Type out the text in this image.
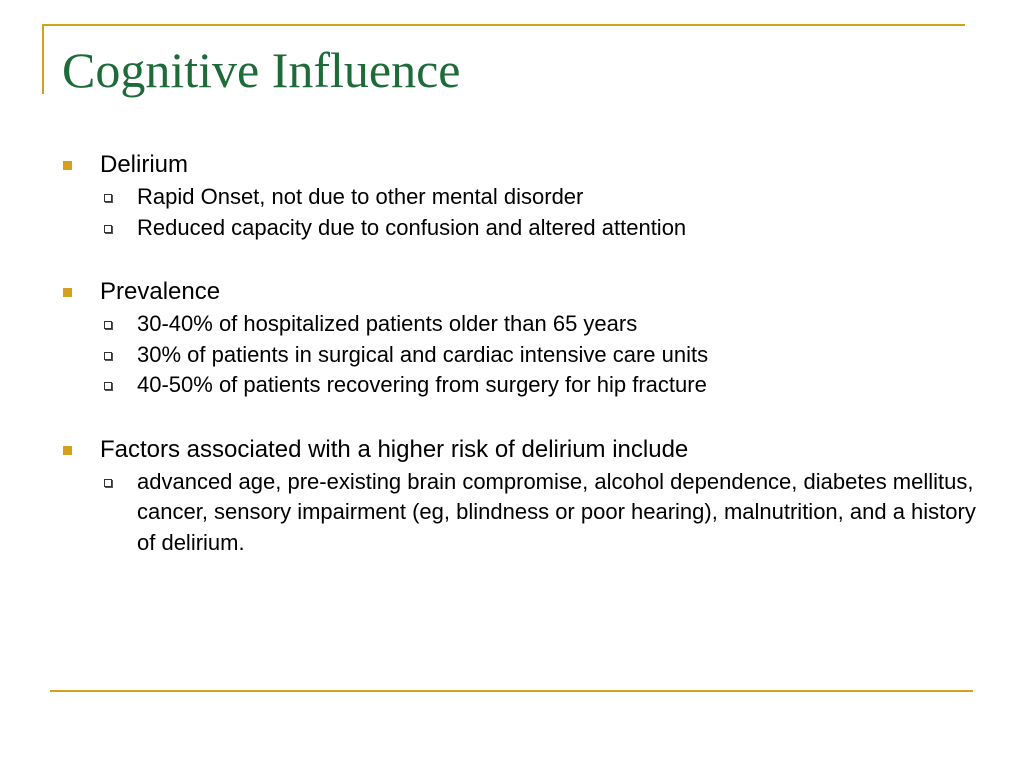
Cognitive Influence
Delirium
Rapid Onset, not due to other mental disorder
Reduced capacity due to confusion and altered attention
Prevalence
30-40% of hospitalized patients older than 65 years
30% of patients in surgical and cardiac intensive care units
40-50% of patients recovering from surgery for hip fracture
Factors associated with a higher risk of delirium include
advanced age, pre-existing brain compromise, alcohol dependence, diabetes mellitus, cancer, sensory impairment (eg, blindness or poor hearing), malnutrition, and a history of delirium.
